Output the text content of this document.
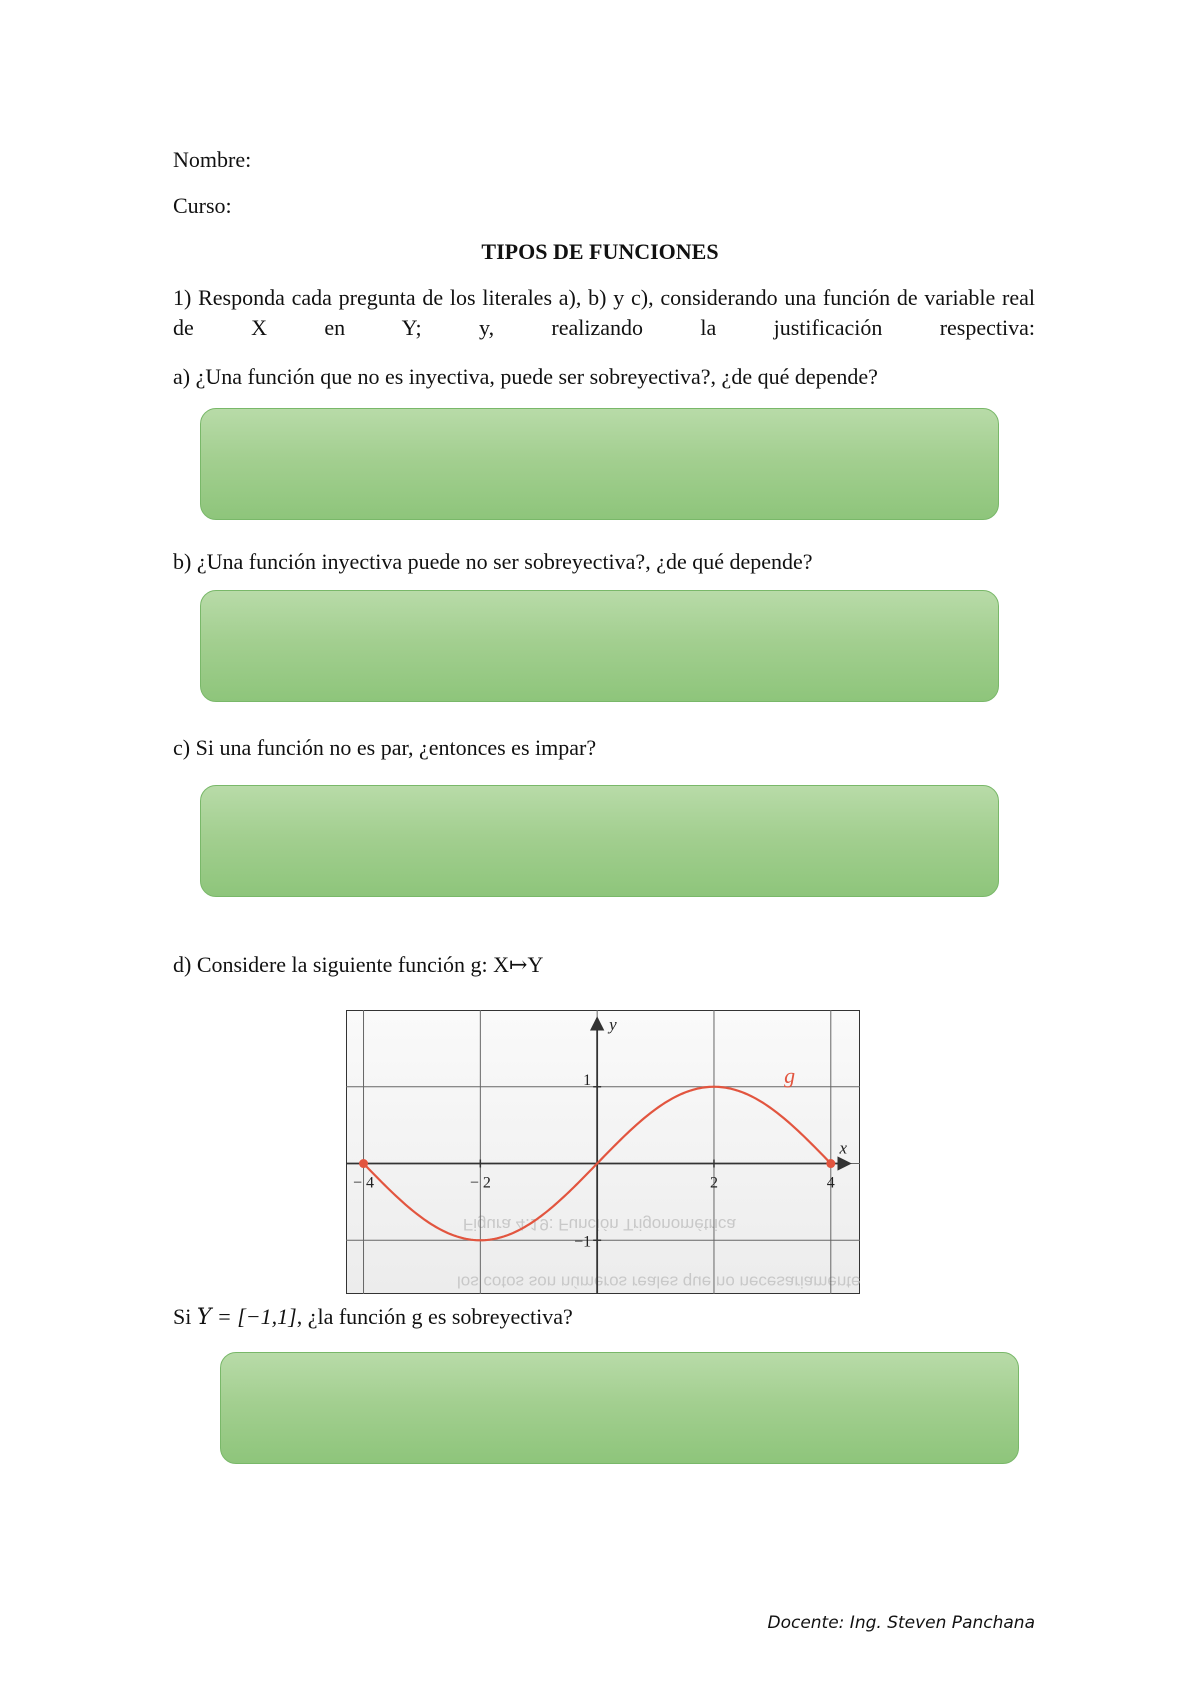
Nombre:
Curso:
TIPOS DE FUNCIONES
1) Responda cada pregunta de los literales a), b) y c), considerando una función de variable real de X en Y; y, realizando la justificación respectiva:
a) ¿Una función que no es inyectiva, puede ser sobreyectiva?, ¿de qué depende?
b) ¿Una función inyectiva puede no ser sobreyectiva?, ¿de qué depende?
c) Si una función no es par, ¿entonces es impar?
d) Considere la siguiente función g: X↦Y
Figura 4.19: Función Trigonométrica
los cotos son números reales que no necesariamente
− 4	− 2	2	4
1
−1
g
x
y
Si 𝑌 = [−1,1], ¿la función g es sobreyectiva?
Docente: Ing. Steven Panchana
